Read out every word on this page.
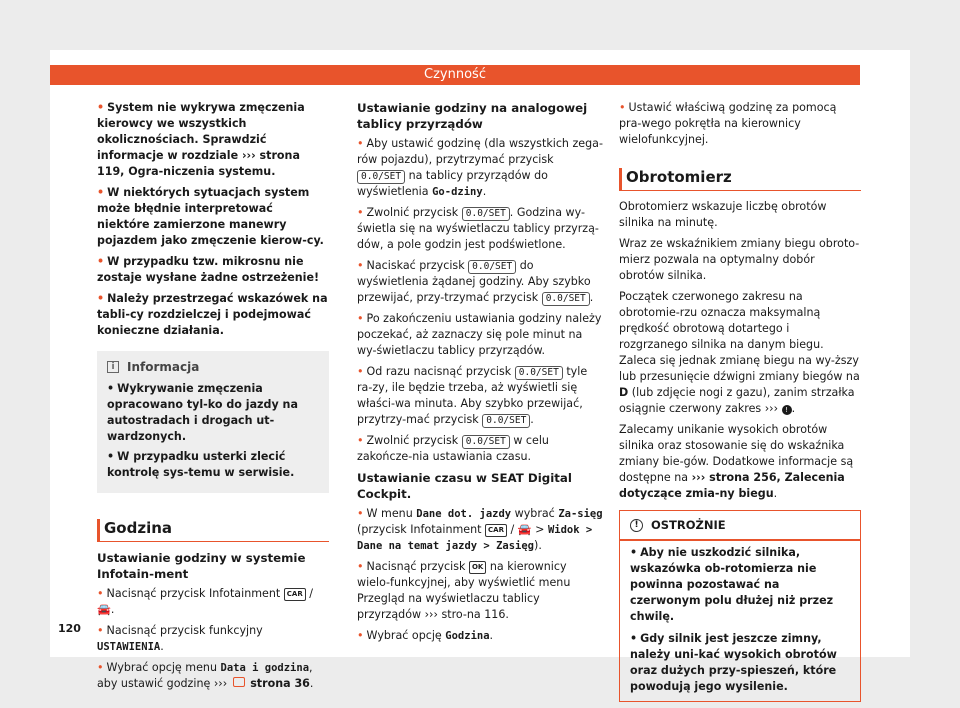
Czynność

• System nie wykrywa zmęczenia kierowcy we wszystkich okolicznościach. Sprawdzić informacje w rozdziale ››› strona 119, Ogra-niczenia systemu.

• W niektórych sytuacjach system może błędnie interpretować niektóre zamierzone manewry pojazdem jako zmęczenie kierow-cy.

• W przypadku tzw. mikrosnu nie zostaje wysłane żadne ostrzeżenie!

• Należy przestrzegać wskazówek na tabli-cy rozdzielczej i podejmować konieczne działania.

i	Informacja

• Wykrywanie zmęczenia opracowano tyl-ko do jazdy na autostradach i drogach ut-wardzonych.

• W przypadku usterki zlecić kontrolę sys-temu w serwisie.

Godzina
Ustawianie godziny w systemie Infotain-ment

• Nacisnąć przycisk Infotainment CAR / 🚘.

• Nacisnąć przycisk funkcyjny USTAWIENIA.

• Wybrać opcję menu Data i godzina, aby ustawić godzinę ››› strona 36.

Ustawianie godziny na analogowej tablicy przyrządów

• Aby ustawić godzinę (dla wszystkich zega-rów pojazdu), przytrzymać przycisk 0.0/SET na tablicy przyrządów do wyświetlenia Go-dziny.

• Zwolnić przycisk 0.0/SET . Godzina wy-świetla się na wyświetlaczu tablicy przyrzą-dów, a pole godzin jest podświetlone.

• Naciskać przycisk 0.0/SET do wyświetlenia żądanej godziny. Aby szybko przewijać, przy-trzymać przycisk 0.0/SET .

• Po zakończeniu ustawiania godziny należy poczekać, aż zaznaczy się pole minut na wy-świetlaczu tablicy przyrządów.

• Od razu nacisnąć przycisk 0.0/SET tyle ra-zy, ile będzie trzeba, aż wyświetli się właści-wa minuta. Aby szybko przewijać, przytrzy-mać przycisk 0.0/SET .

• Zwolnić przycisk 0.0/SET w celu zakończe-nia ustawiania czasu.

Ustawianie czasu w SEAT Digital Cockpit.

• W menu Dane dot. jazdy wybrać Za-sięg (przycisk Infotainment CAR / 🚘 > Widok > Dane na temat jazdy > Zasięg).

• Nacisnąć przycisk OK na kierownicy wielo-funkcyjnej, aby wyświetlić menu Przegląd na wyświetlaczu tablicy przyrządów ››› stro-na 116.

• Wybrać opcję Godzina.

• Ustawić właściwą godzinę za pomocą pra-wego pokrętła na kierownicy wielofunkcyjnej.

Obrotomierz

Obrotomierz wskazuje liczbę obrotów silnika na minutę.

Wraz ze wskaźnikiem zmiany biegu obroto-mierz pozwala na optymalny dobór obrotów silnika.

Początek czerwonego zakresu na obrotomie-rzu oznacza maksymalną prędkość obrotową dotartego i rozgrzanego silnika na danym biegu. Zaleca się jednak zmianę biegu na wy-ższy lub przesunięcie dźwigni zmiany biegów na D (lub zdjęcie nogi z gazu), zanim strzałka osiągnie czerwony zakres ››› ! .

Zalecamy unikanie wysokich obrotów silnika oraz stosowanie się do wskaźnika zmiany bie-gów. Dodatkowe informacje są dostępne na ››› strona 256, Zalecenia dotyczące zmia-ny biegu.

!	OSTROŻNIE

• Aby nie uszkodzić silnika, wskazówka ob-rotomierza nie powinna pozostawać na czerwonym polu dłużej niż przez chwilę.

• Gdy silnik jest jeszcze zimny, należy uni-kać wysokich obrotów oraz dużych przy-spieszeń, które powodują jego wysilenie.

120
